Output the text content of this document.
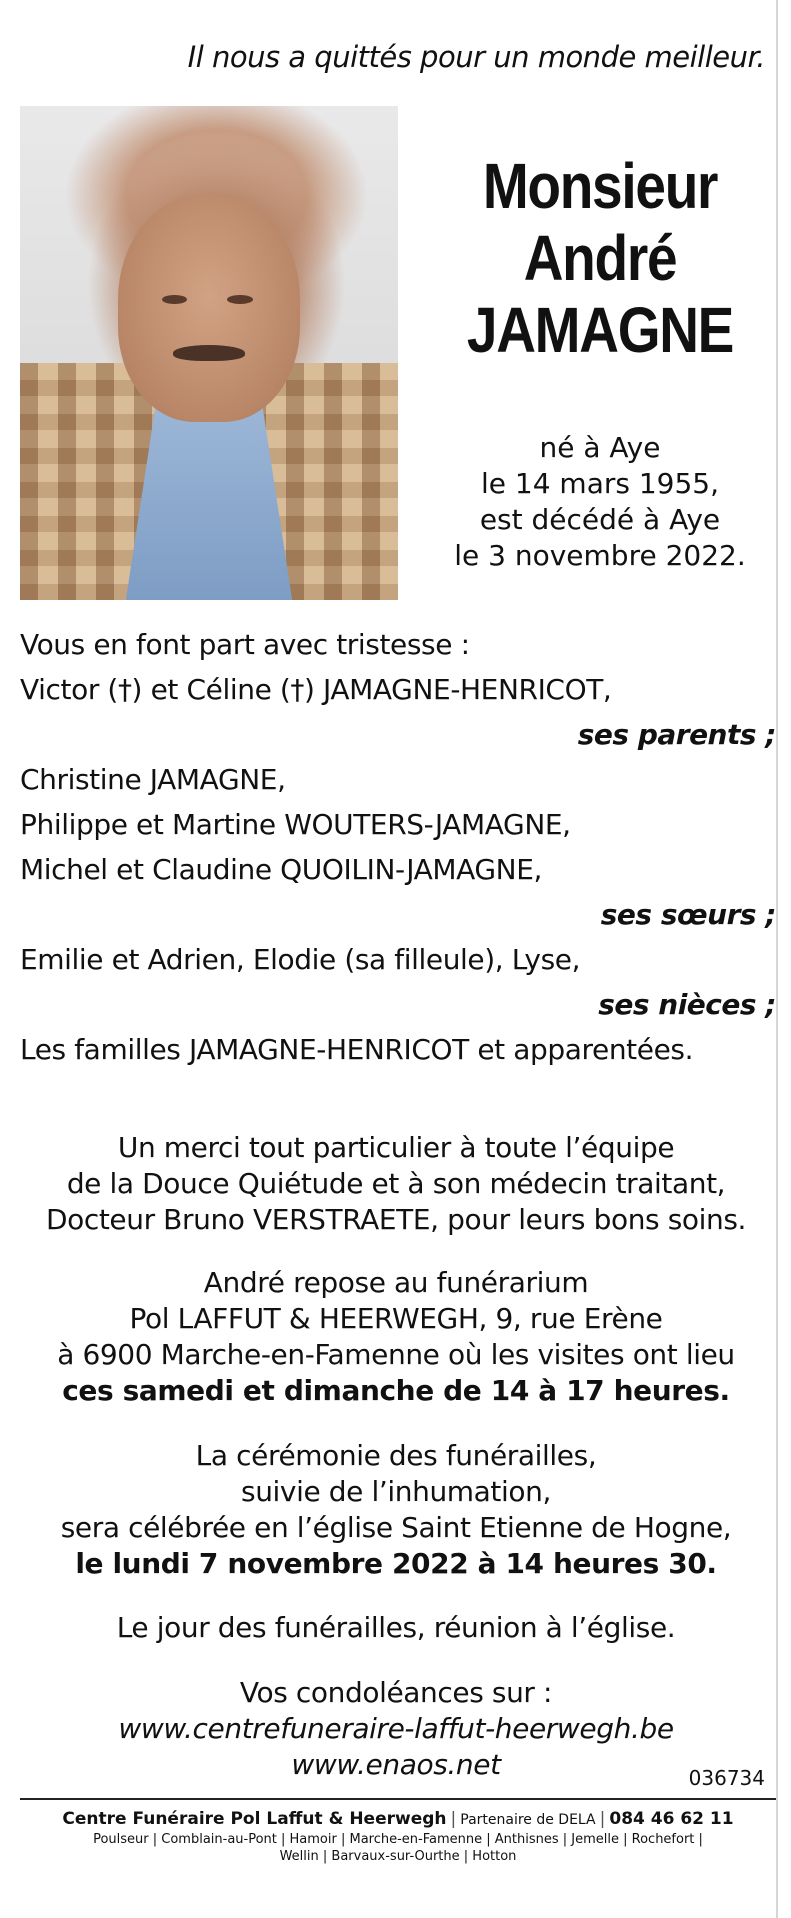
Il nous a quittés pour un monde meilleur.
Monsieur
André
JAMAGNE
né à Aye
le 14 mars 1955,
est décédé à Aye
le 3 novembre 2022.
Vous en font part avec tristesse :
Victor (†) et Céline (†) JAMAGNE-HENRICOT,
ses parents ;
Christine JAMAGNE,
Philippe et Martine WOUTERS-JAMAGNE,
Michel et Claudine QUOILIN-JAMAGNE,
ses sœurs ;
Emilie et Adrien, Elodie (sa filleule), Lyse,
ses nièces ;
Les familles JAMAGNE-HENRICOT et apparentées.
Un merci tout particulier à toute l’équipe
de la Douce Quiétude et à son médecin traitant,
Docteur Bruno VERSTRAETE, pour leurs bons soins.
André repose au funérarium
Pol LAFFUT & HEERWEGH, 9, rue Erène
à 6900 Marche-en-Famenne où les visites ont lieu
ces samedi et dimanche de 14 à 17 heures.
La cérémonie des funérailles,
suivie de l’inhumation,
sera célébrée en l’église Saint Etienne de Hogne,
le lundi 7 novembre 2022 à 14 heures 30.
Le jour des funérailles, réunion à l’église.
Vos condoléances sur :
www.centrefuneraire-laffut-heerwegh.be
www.enaos.net	036734
Centre Funéraire Pol Laffut & Heerwegh | Partenaire de DELA | 084 46 62 11
Poulseur | Comblain-au-Pont | Hamoir | Marche-en-Famenne | Anthisnes | Jemelle | Rochefort |
Wellin | Barvaux-sur-Ourthe | Hotton
